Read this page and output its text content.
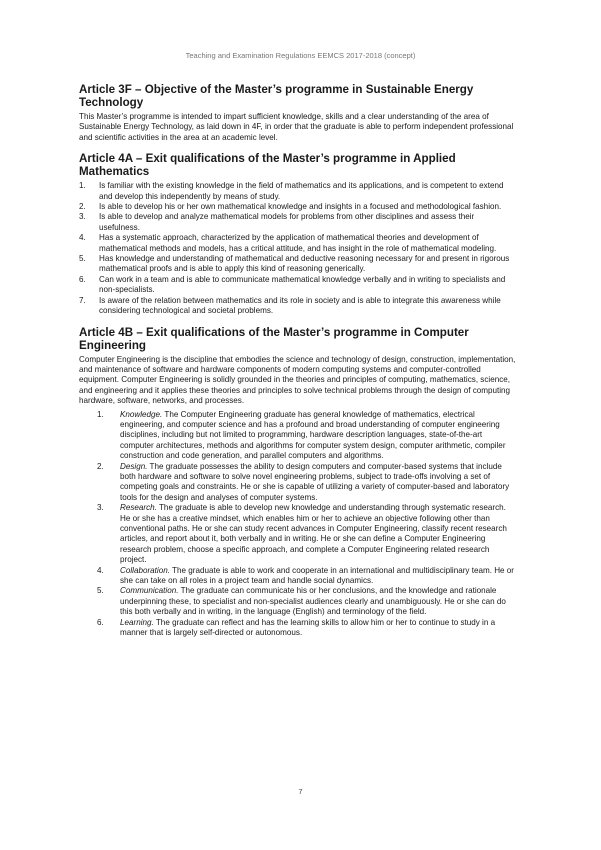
Teaching and Examination Regulations EEMCS 2017-2018 (concept)
Article 3F – Objective of the Master’s programme in Sustainable Energy Technology

This Master’s programme is intended to impart sufficient knowledge, skills and a clear understanding of the area of Sustainable Energy Technology, as laid down in 4F, in order that the graduate is able to perform independent professional and scientific activities in the area at an academic level.

Article 4A – Exit qualifications of the Master’s programme in Applied Mathematics
1. Is familiar with the existing knowledge in the field of mathematics and its applications, and is competent to extend and develop this independently by means of study.
2. Is able to develop his or her own mathematical knowledge and insights in a focused and methodological fashion.
3. Is able to develop and analyze mathematical models for problems from other disciplines and assess their usefulness.
4. Has a systematic approach, characterized by the application of mathematical theories and development of mathematical methods and models, has a critical attitude, and has insight in the role of mathematical modeling.
5. Has knowledge and understanding of mathematical and deductive reasoning necessary for and present in rigorous mathematical proofs and is able to apply this kind of reasoning generically.
6. Can work in a team and is able to communicate mathematical knowledge verbally and in writing to specialists and non-specialists.
7. Is aware of the relation between mathematics and its role in society and is able to integrate this awareness while considering technological and societal problems.
Article 4B – Exit qualifications of the Master’s programme in Computer Engineering

Computer Engineering is the discipline that embodies the science and technology of design, construction, implementation, and maintenance of software and hardware components of modern computing systems and computer-controlled equipment. Computer Engineering is solidly grounded in the theories and principles of computing, mathematics, science, and engineering and it applies these theories and principles to solve technical problems through the design of computing hardware, software, networks, and processes.

1. Knowledge. The Computer Engineering graduate has general knowledge of mathematics, electrical engineering, and computer science and has a profound and broad understanding of computer engineering disciplines, including but not limited to programming, hardware description languages, state-of-the-art computer architectures, methods and algorithms for computer system design, computer arithmetic, compiler construction and code generation, and parallel computers and algorithms.
2. Design. The graduate possesses the ability to design computers and computer-based systems that include both hardware and software to solve novel engineering problems, subject to trade-offs involving a set of competing goals and constraints. He or she is capable of utilizing a variety of computer-based and laboratory tools for the design and analyses of computer systems.
3. Research. The graduate is able to develop new knowledge and understanding through systematic research. He or she has a creative mindset, which enables him or her to achieve an objective following other than conventional paths. He or she can study recent advances in Computer Engineering, classify recent research articles, and report about it, both verbally and in writing. He or she can define a Computer Engineering research problem, choose a specific approach, and complete a Computer Engineering related research project.
4. Collaboration. The graduate is able to work and cooperate in an international and multidisciplinary team. He or she can take on all roles in a project team and handle social dynamics.
5. Communication. The graduate can communicate his or her conclusions, and the knowledge and rationale underpinning these, to specialist and non-specialist audiences clearly and unambiguously. He or she can do this both verbally and in writing, in the language (English) and terminology of the field.
6. Learning. The graduate can reflect and has the learning skills to allow him or her to continue to study in a manner that is largely self-directed or autonomous.
7
